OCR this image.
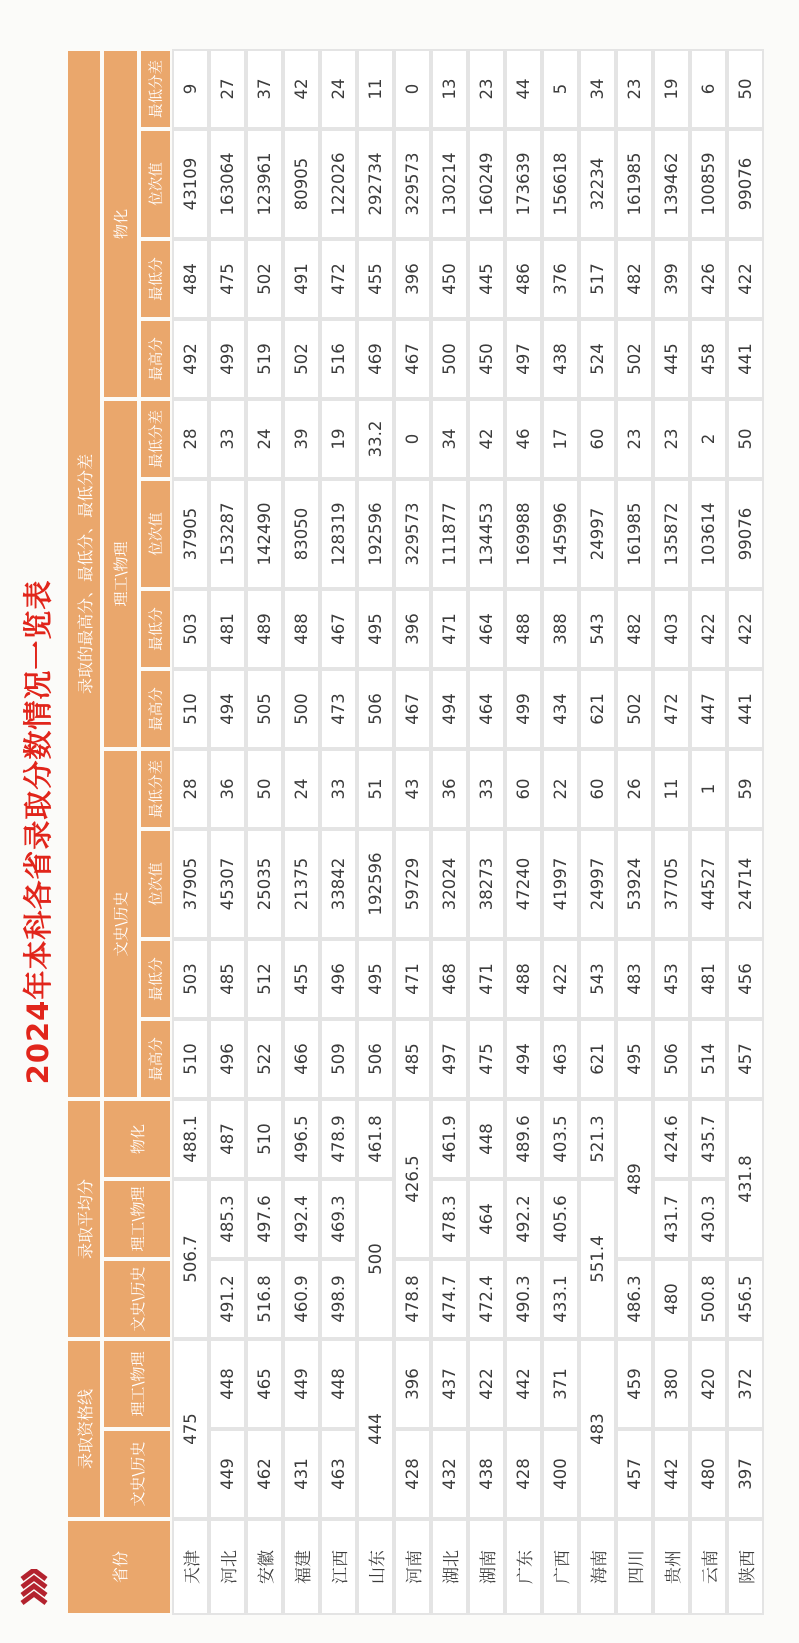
2024年本科各省录取分数情况一览表
省份	录取资格线		录取平均分			录取的最高分、最低分、最低分差											
	文史\历史	理工\物理	文史\历史	理工\物理	物化	文史\历史				理工\物理				物化			
						最高分	最低分	位次值	最低分差	最高分	最低分	位次值	最低分差	最高分	最低分	位次值	最低分差
天津	475		506.7		488.1	510	503	37905	28	510	503	37905	28	492	484	43109	9
河北	449	448	491.2	485.3	487	496	485	45307	36	494	481	153287	33	499	475	163064	27
安徽	462	465	516.8	497.6	510	522	512	25035	50	505	489	142490	24	519	502	123961	37
福建	431	449	460.9	492.4	496.5	466	455	21375	24	500	488	83050	39	502	491	80905	42
江西	463	448	498.9	469.3	478.9	509	496	33842	33	473	467	128319	19	516	472	122026	24
山东	444		500		461.8	506	495	192596	51	506	495	192596	33.2	469	455	292734	11
河南	428	396	478.8	426.5		485	471	59729	43	467	396	329573	0	467	396	329573	0
湖北	432	437	474.7	478.3	461.9	497	468	32024	36	494	471	111877	34	500	450	130214	13
湖南	438	422	472.4	464	448	475	471	38273	33	464	464	134453	42	450	445	160249	23
广东	428	442	490.3	492.2	489.6	494	488	47240	60	499	488	169988	46	497	486	173639	44
广西	400	371	433.1	405.6	403.5	463	422	41997	22	434	388	145996	17	438	376	156618	5
海南	483		551.4		521.3	621	543	24997	60	621	543	24997	60	524	517	32234	34
四川	457	459	486.3	489		495	483	53924	26	502	482	161985	23	502	482	161985	23
贵州	442	380	480	431.7	424.6	506	453	37705	11	472	403	135872	23	445	399	139462	19
云南	480	420	500.8	430.3	435.7	514	481	44527	1	447	422	103614	2	458	426	100859	6
陕西	397	372	456.5	431.8		457	456	24714	59	441	422	99076	50	441	422	99076	50
